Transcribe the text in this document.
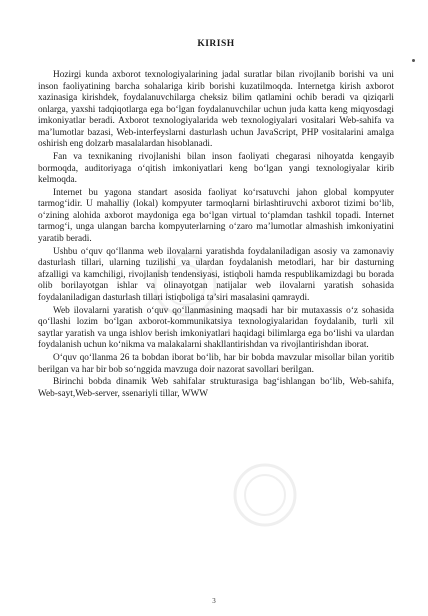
KIRISH

Hozirgi kunda axborot texnologiyalarining jadal suratlar bilan rivojlanib borishi va uni inson faoliyatining barcha sohalariga kirib borishi kuzatilmoqda. Internetga kirish axborot xazinasiga kirishdek, foydalanuvchilarga cheksiz bilim qatlamini ochib beradi va qiziqarli onlarga, yaxshi tadqiqotlarga ega bo‘lgan foydalanuvchilar uchun juda katta keng miqyosdagi imkoniyatlar beradi. Axborot texnologiyalarida web texnologiyalari vositalari Web-sahifa va ma’lumotlar bazasi, Web-interfeyslarni dasturlash uchun JavaScript, PHP vositalarini amalga oshirish eng dolzarb masalalardan hisoblanadi.

Fan va texnikaning rivojlanishi bilan inson faoliyati chegarasi nihoyatda kengayib bormoqda, auditoriyaga o‘qitish imkoniyatlari keng bo‘lgan yangi texnologiyalar kirib kelmoqda.

Internet bu yagona standart asosida faoliyat ko‘rsatuvchi jahon global kompyuter tarmog‘idir. U mahalliy (lokal) kompyuter tarmoqlarni birlashtiruvchi axborot tizimi bo‘lib, o‘zining alohida axborot maydoniga ega bo‘lgan virtual to‘plamdan tashkil topadi. Internet tarmog‘i, unga ulangan barcha kompyuterlarning o‘zaro ma’lumotlar almashish imkoniyatini yaratib beradi.

Ushbu o‘quv qo‘llanma web ilovalarni yaratishda foydalaniladigan asosiy va zamonaviy dasturlash tillari, ularning tuzilishi va ulardan foydalanish metodlari, har bir dasturning afzalligi va kamchiligi, rivojlanish tendensiyasi, istiqboli hamda respublikamizdagi bu borada olib borilayotgan ishlar va olinayotgan natijalar web ilovalarni yaratish sohasida foydalaniladigan dasturlash tillari istiqboliga ta’siri masalasini qamraydi.

Web ilovalarni yaratish o‘quv qo‘llanmasining maqsadi har bir mutaxassis o‘z sohasida qo‘llashi lozim bo‘lgan axborot-kommunikatsiya texnologiyalaridan foydalanib, turli xil saytlar yaratish va unga ishlov berish imkoniyatlari haqidagi bilimlarga ega bo‘lishi va ulardan foydalanish uchun ko‘nikma va malakalarni shakllantirishdan va rivojlantirishdan iborat.

O‘quv qo‘llanma 26 ta bobdan iborat bo‘lib, har bir bobda mavzular misollar bilan yoritib berilgan va har bir bob so‘nggida mavzuga doir nazorat savollari berilgan.

Birinchi bobda dinamik Web sahifalar strukturasiga bag‘ishlangan bo‘lib, Web-sahifa, Web-sayt,Web-server, ssenariyli tillar, WWW

3
